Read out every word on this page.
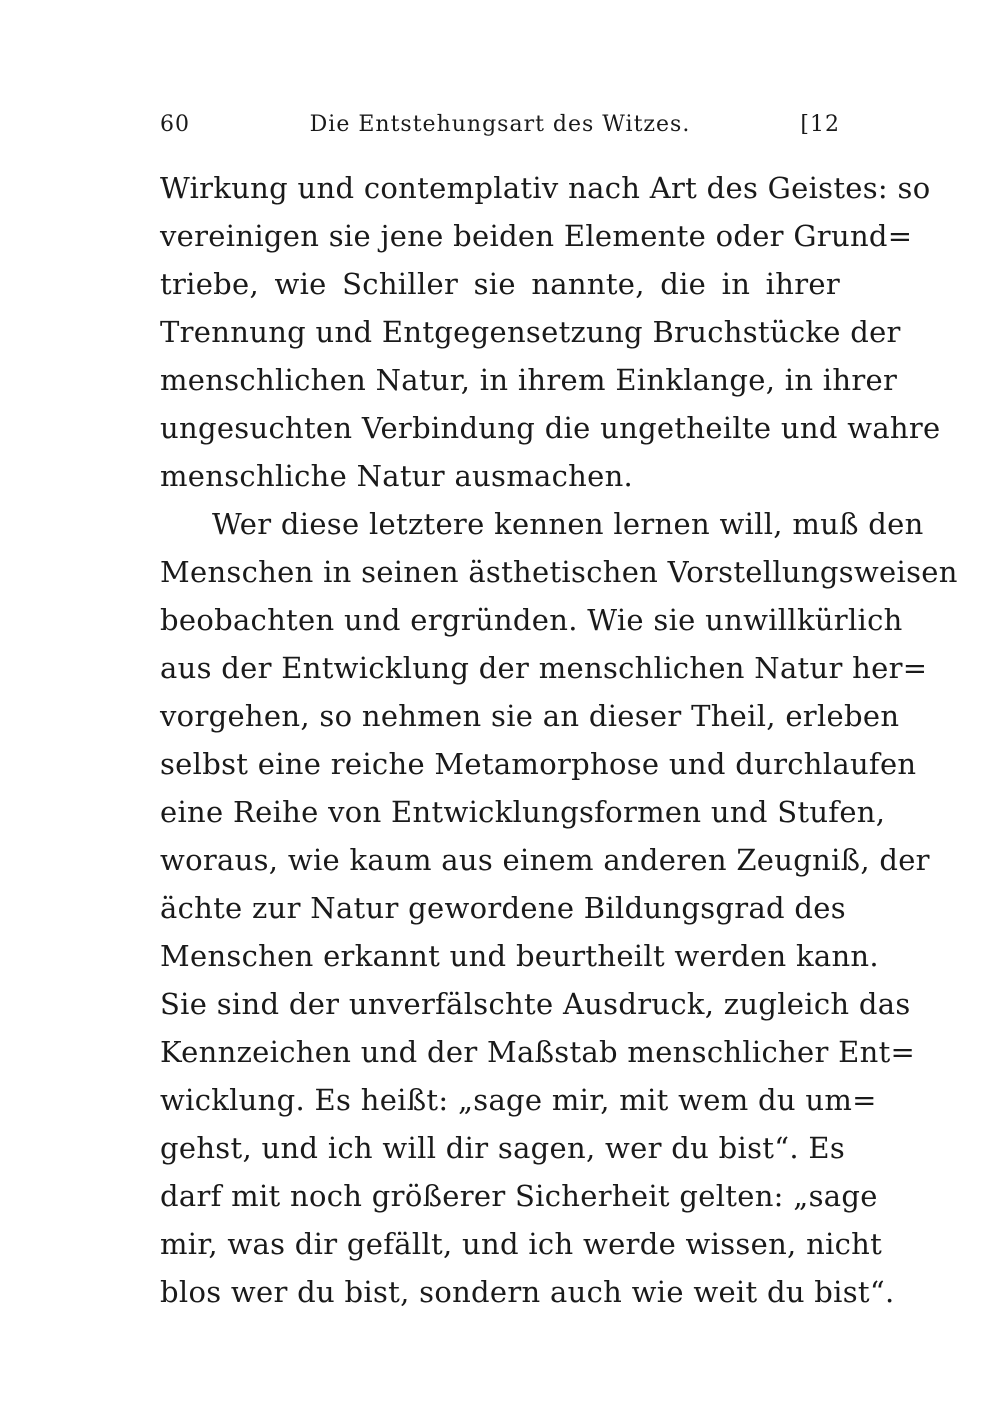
60	Die Entstehungsart des Witzes.	[12
Wirkung und contemplativ nach Art des Geistes: so
vereinigen sie jene beiden Elemente oder Grund=
triebe, wie Schiller sie nannte, die in ihrer
Trennung und Entgegensetzung Bruchstücke der
menschlichen Natur, in ihrem Einklange, in ihrer
ungesuchten Verbindung die ungetheilte und wahre
menschliche Natur ausmachen.
Wer diese letztere kennen lernen will, muß den
Menschen in seinen ästhetischen Vorstellungsweisen
beobachten und ergründen. Wie sie unwillkürlich
aus der Entwicklung der menschlichen Natur her=
vorgehen, so nehmen sie an dieser Theil, erleben
selbst eine reiche Metamorphose und durchlaufen
eine Reihe von Entwicklungsformen und Stufen,
woraus, wie kaum aus einem anderen Zeugniß, der
ächte zur Natur gewordene Bildungsgrad des
Menschen erkannt und beurtheilt werden kann.
Sie sind der unverfälschte Ausdruck, zugleich das
Kennzeichen und der Maßstab menschlicher Ent=
wicklung. Es heißt: „sage mir, mit wem du um=
gehst, und ich will dir sagen, wer du bist“. Es
darf mit noch größerer Sicherheit gelten: „sage
mir, was dir gefällt, und ich werde wissen, nicht
blos wer du bist, sondern auch wie weit du bist“.
